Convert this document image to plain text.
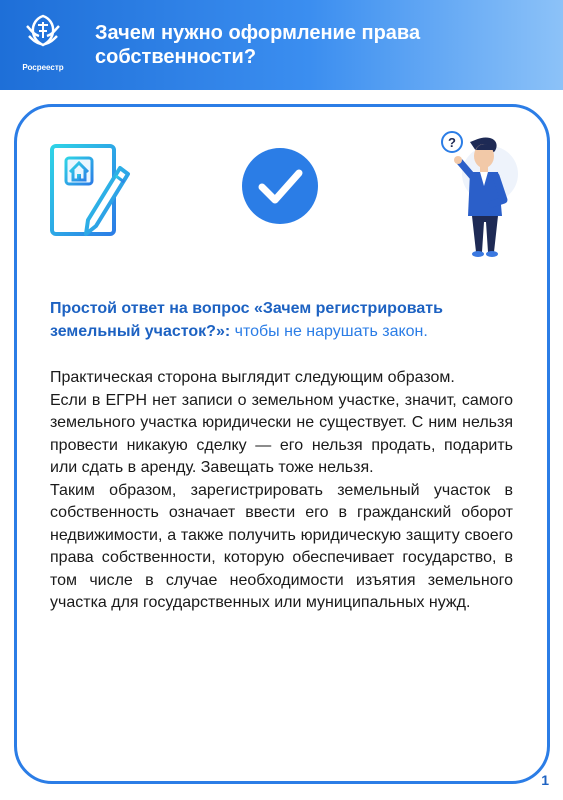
Росреестр
Зачем нужно оформление права собственности?
?
Простой ответ на вопрос «Зачем регистрировать земельный участок?»: чтобы не нарушать закон.

Практическая сторона выглядит следующим образом.

Если в ЕГРН нет записи о земельном участке, значит, самого земельного участка юридически не существует. С ним нельзя провести никакую сделку — его нельзя продать, подарить или сдать в аренду. Завещать тоже нельзя.

Таким образом, зарегистрировать земельный участок в собственность означает ввести его в гражданский оборот недвижимости, а также получить юридическую защиту своего права собственности, которую обеспечивает государство, в том числе в случае необходимости изъятия земельного участка для государственных или муниципальных нужд.

1
